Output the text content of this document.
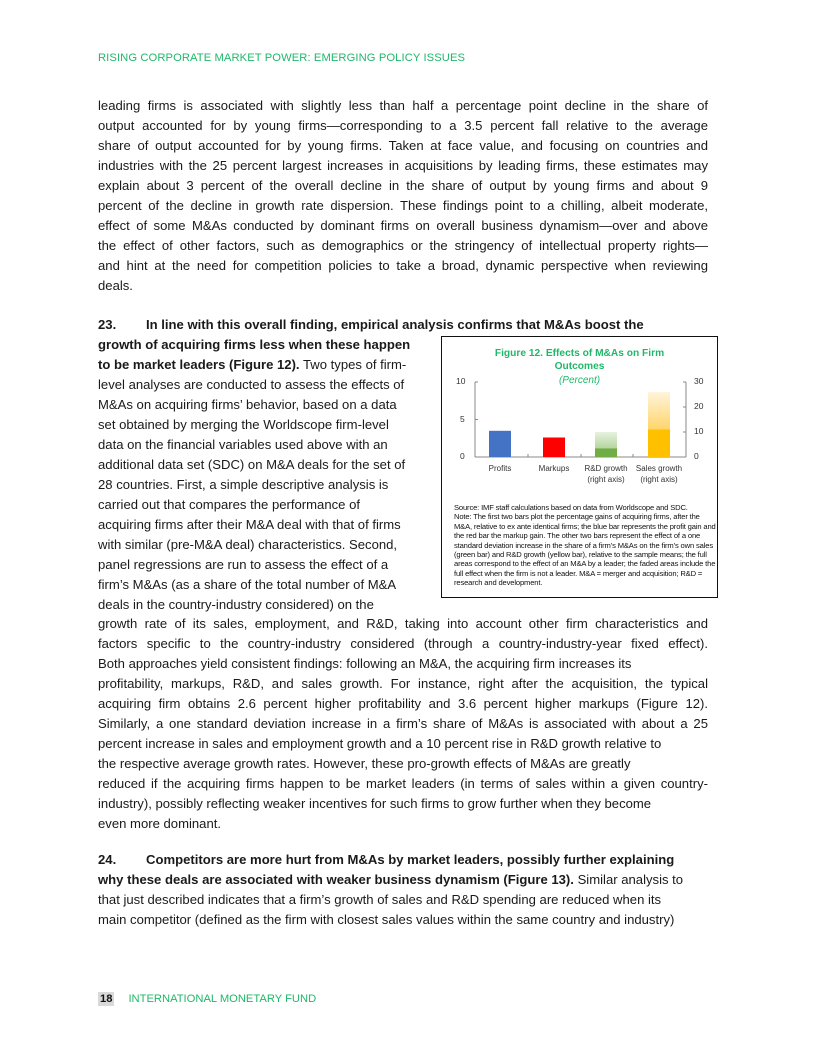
RISING CORPORATE MARKET POWER: EMERGING POLICY ISSUES
leading firms is associated with slightly less than half a percentage point decline in the share of
output accounted for by young firms—corresponding to a 3.5 percent fall relative to the average
share of output accounted for by young firms. Taken at face value, and focusing on countries and
industries with the 25 percent largest increases in acquisitions by leading firms, these estimates may
explain about 3 percent of the overall decline in the share of output by young firms and about 9
percent of the decline in growth rate dispersion. These findings point to a chilling, albeit moderate,
effect of some M&As conducted by dominant firms on overall business dynamism—over and above
the effect of other factors, such as demographics or the stringency of intellectual property rights—
and hint at the need for competition policies to take a broad, dynamic perspective when reviewing
deals.
23. In line with this overall finding, empirical analysis confirms that M&As boost the
growth of acquiring firms less when these happen
to be market leaders (Figure 12). Two types of firm-
level analyses are conducted to assess the effects of
M&As on acquiring firms’ behavior, based on a data
set obtained by merging the Worldscope firm-level
data on the financial variables used above with an
additional data set (SDC) on M&A deals for the set of
28 countries. First, a simple descriptive analysis is
carried out that compares the performance of
acquiring firms after their M&A deal with that of firms
with similar (pre-M&A deal) characteristics. Second,
panel regressions are run to assess the effect of a
firm’s M&As (as a share of the total number of M&A
deals in the country-industry considered) on the
Figure 12. Effects of M&As on Firm
Outcomes
(Percent)
10
5
0
30
20
10
0
Profits	Markups	R&D growth
(right axis)
Sales growth
(right axis)
Source: IMF staff calculations based on data from Worldscope and SDC.
Note: The first two bars plot the percentage gains of acquiring firms, after the M&A, relative to ex ante identical firms; the blue bar represents the profit gain and the red bar the markup gain. The other two bars represent the effect of a one standard deviation increase in the share of a firm’s M&As on the firm’s own sales (green bar) and R&D growth (yellow bar), relative to the sample means; the full areas correspond to the effect of an M&A by a leader; the faded areas include the full effect when the firm is not a leader. M&A = merger and acquisition; R&D = research and development.
growth rate of its sales, employment, and R&D, taking into account other firm characteristics and
factors specific to the country-industry considered (through a country-industry-year fixed effect).
Both approaches yield consistent findings: following an M&A, the acquiring firm increases its
profitability, markups, R&D, and sales growth. For instance, right after the acquisition, the typical
acquiring firm obtains 2.6 percent higher profitability and 3.6 percent higher markups (Figure 12).
Similarly, a one standard deviation increase in a firm’s share of M&As is associated with about a 25
percent increase in sales and employment growth and a 10 percent rise in R&D growth relative to
the respective average growth rates. However, these pro-growth effects of M&As are greatly
reduced if the acquiring firms happen to be market leaders (in terms of sales within a given country-
industry), possibly reflecting weaker incentives for such firms to grow further when they become
even more dominant.
24. Competitors are more hurt from M&As by market leaders, possibly further explaining
why these deals are associated with weaker business dynamism (Figure 13). Similar analysis to
that just described indicates that a firm’s growth of sales and R&D spending are reduced when its
main competitor (defined as the firm with closest sales values within the same country and industry)
18 INTERNATIONAL MONETARY FUND
